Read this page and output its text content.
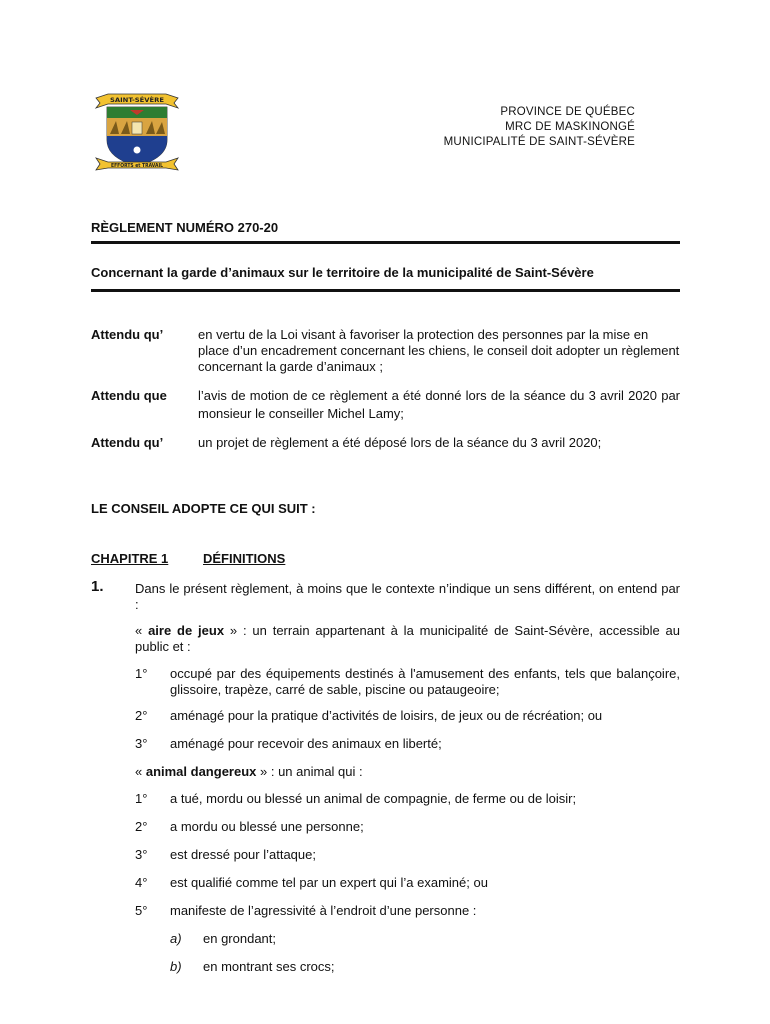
SAINT-SÉVÈRE
EFFORTS et TRAVAIL
PROVINCE DE QUÉBEC
MRC DE MASKINONGÉ
MUNICIPALITÉ DE SAINT-SÉVÈRE
RÈGLEMENT NUMÉRO 270-20
Concernant la garde d’animaux sur le territoire de la municipalité de Saint-Sévère
Attendu qu’	en vertu de la Loi visant à favoriser la protection des personnes par la mise en place d’un encadrement concernant les chiens, le conseil doit adopter un règlement concernant la garde d’animaux ;
Attendu que l’avis de motion de ce règlement a été donné lors de la séance du 3 avril 2020 par monsieur le conseiller Michel Lamy;
Attendu qu’	un projet de règlement a été déposé lors de la séance du 3 avril 2020;
LE CONSEIL ADOPTE CE QUI SUIT :
CHAPITRE 1	DÉFINITIONS
1. Dans le présent règlement, à moins que le contexte n’indique un sens différent, on entend par :
« aire de jeux » : un terrain appartenant à la municipalité de Saint-Sévère, accessible au public et :
1° occupé par des équipements destinés à l'amusement des enfants, tels que balançoire, glissoire, trapèze, carré de sable, piscine ou pataugeoire;
2° aménagé pour la pratique d’activités de loisirs, de jeux ou de récréation; ou
3° aménagé pour recevoir des animaux en liberté;
« animal dangereux » : un animal qui :
1° a tué, mordu ou blessé un animal de compagnie, de ferme ou de loisir;
2° a mordu ou blessé une personne;
3° est dressé pour l’attaque;
4° est qualifié comme tel par un expert qui l’a examiné; ou
5° manifeste de l’agressivité à l’endroit d’une personne :
a) en grondant;
b) en montrant ses crocs;
